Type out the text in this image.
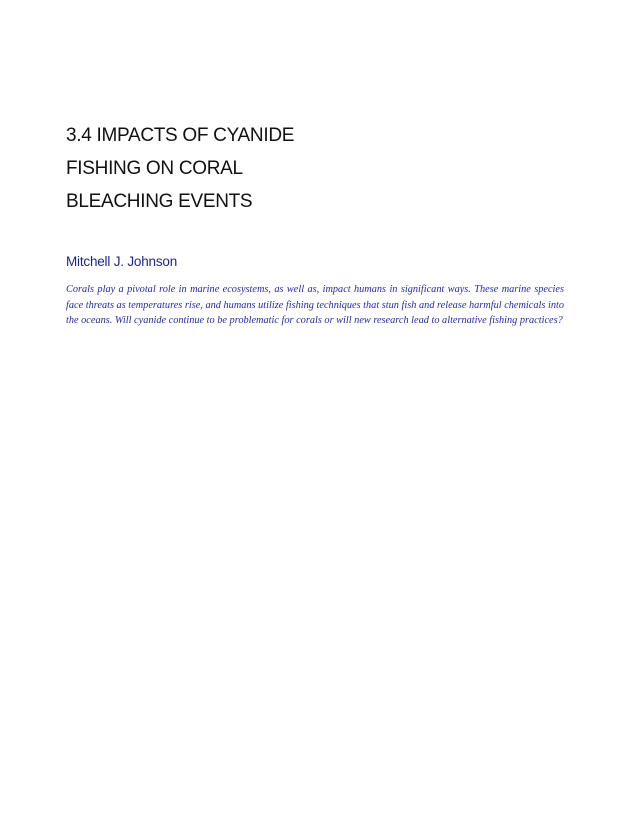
3.4 IMPACTS OF CYANIDE
FISHING ON CORAL
BLEACHING EVENTS

Mitchell J. Johnson

Corals play a pivotal role in marine ecosystems, as well as, impact humans in significant ways. These marine species face threats as temperatures rise, and humans utilize fishing techniques that stun fish and release harmful chemicals into the oceans. Will cyanide continue to be problematic for corals or will new research lead to alternative fishing practices?
